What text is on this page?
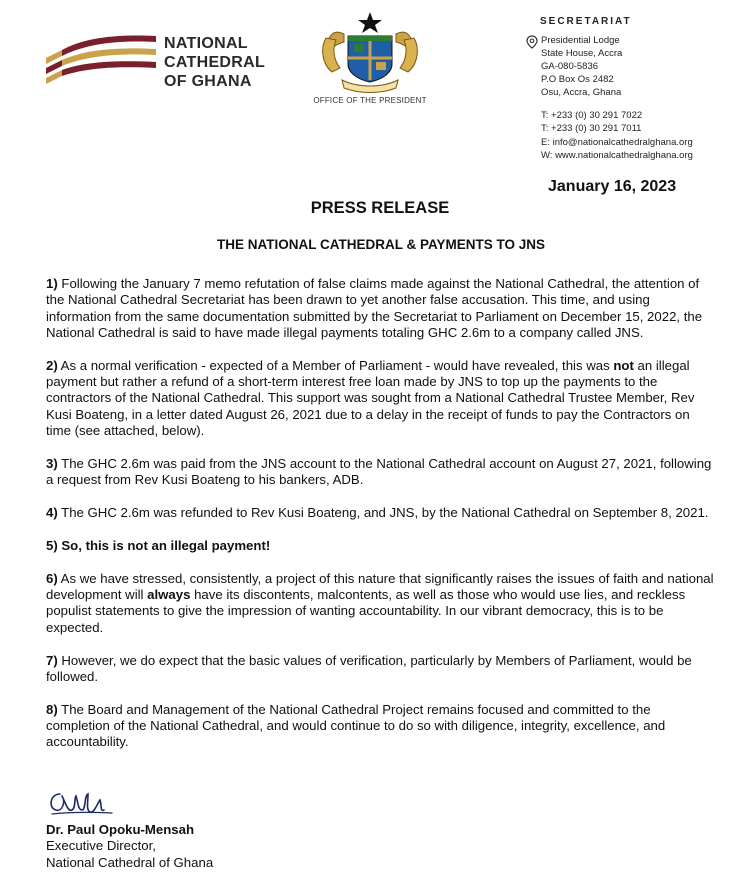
NATIONAL
CATHEDRAL
OF GHANA
OFFICE OF THE PRESIDENT
SECRETARIAT
Presidential Lodge
State House, Accra
GA-080-5836
P.O Box Os 2482
Osu, Accra, Ghana
T: +233 (0) 30 291 7022
T: +233 (0) 30 291 7011
E: info@nationalcathedralghana.org
W: www.nationalcathedralghana.org
January 16, 2023
PRESS RELEASE
THE NATIONAL CATHEDRAL & PAYMENTS TO JNS

1) Following the January 7 memo refutation of false claims made against the National Cathedral, the attention of the National Cathedral Secretariat has been drawn to yet another false accusation. This time, and using information from the same documentation submitted by the Secretariat to Parliament on December 15, 2022, the National Cathedral is said to have made illegal payments totaling GHC 2.6m to a company called JNS.

2) As a normal verification - expected of a Member of Parliament - would have revealed, this was not an illegal payment but rather a refund of a short-term interest free loan made by JNS to top up the payments to the contractors of the National Cathedral. This support was sought from a National Cathedral Trustee Member, Rev Kusi Boateng, in a letter dated August 26, 2021 due to a delay in the receipt of funds to pay the Contractors on time (see attached, below).

3) The GHC 2.6m was paid from the JNS account to the National Cathedral account on August 27, 2021, following a request from Rev Kusi Boateng to his bankers, ADB.

4) The GHC 2.6m was refunded to Rev Kusi Boateng, and JNS, by the National Cathedral on September 8, 2021.

5) So, this is not an illegal payment!

6) As we have stressed, consistently, a project of this nature that significantly raises the issues of faith and national development will always have its discontents, malcontents, as well as those who would use lies, and reckless populist statements to give the impression of wanting accountability. In our vibrant democracy, this is to be expected.

7) However, we do expect that the basic values of verification, particularly by Members of Parliament, would be followed.

8) The Board and Management of the National Cathedral Project remains focused and committed to the completion of the National Cathedral, and would continue to do so with diligence, integrity, excellence, and accountability.

Dr. Paul Opoku-Mensah
Executive Director,
National Cathedral of Ghana
